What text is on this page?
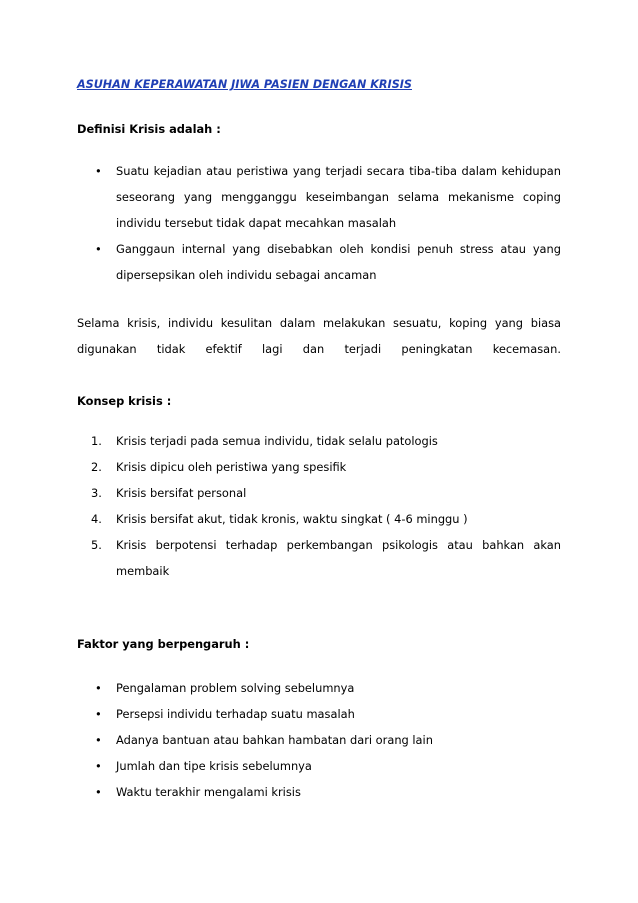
ASUHAN KEPERAWATAN JIWA PASIEN DENGAN KRISIS
Definisi Krisis adalah :
• Suatu kejadian atau peristiwa yang terjadi secara tiba-tiba dalam kehidupan seseorang yang mengganggu keseimbangan selama mekanisme coping individu tersebut tidak dapat mecahkan masalah
• Ganggaun internal yang disebabkan oleh kondisi penuh stress atau yang dipersepsikan oleh individu sebagai ancaman
Selama krisis, individu kesulitan dalam melakukan sesuatu, koping yang biasa digunakan tidak efektif lagi dan terjadi peningkatan kecemasan.
Konsep krisis :
1. Krisis terjadi pada semua individu, tidak selalu patologis
2. Krisis dipicu oleh peristiwa yang spesifik
3. Krisis bersifat personal
4. Krisis bersifat akut, tidak kronis, waktu singkat ( 4-6 minggu )
5. Krisis berpotensi terhadap perkembangan psikologis atau bahkan akan membaik
Faktor yang berpengaruh :
• Pengalaman problem solving sebelumnya
• Persepsi individu terhadap suatu masalah
• Adanya bantuan atau bahkan hambatan dari orang lain
• Jumlah dan tipe krisis sebelumnya
• Waktu terakhir mengalami krisis
